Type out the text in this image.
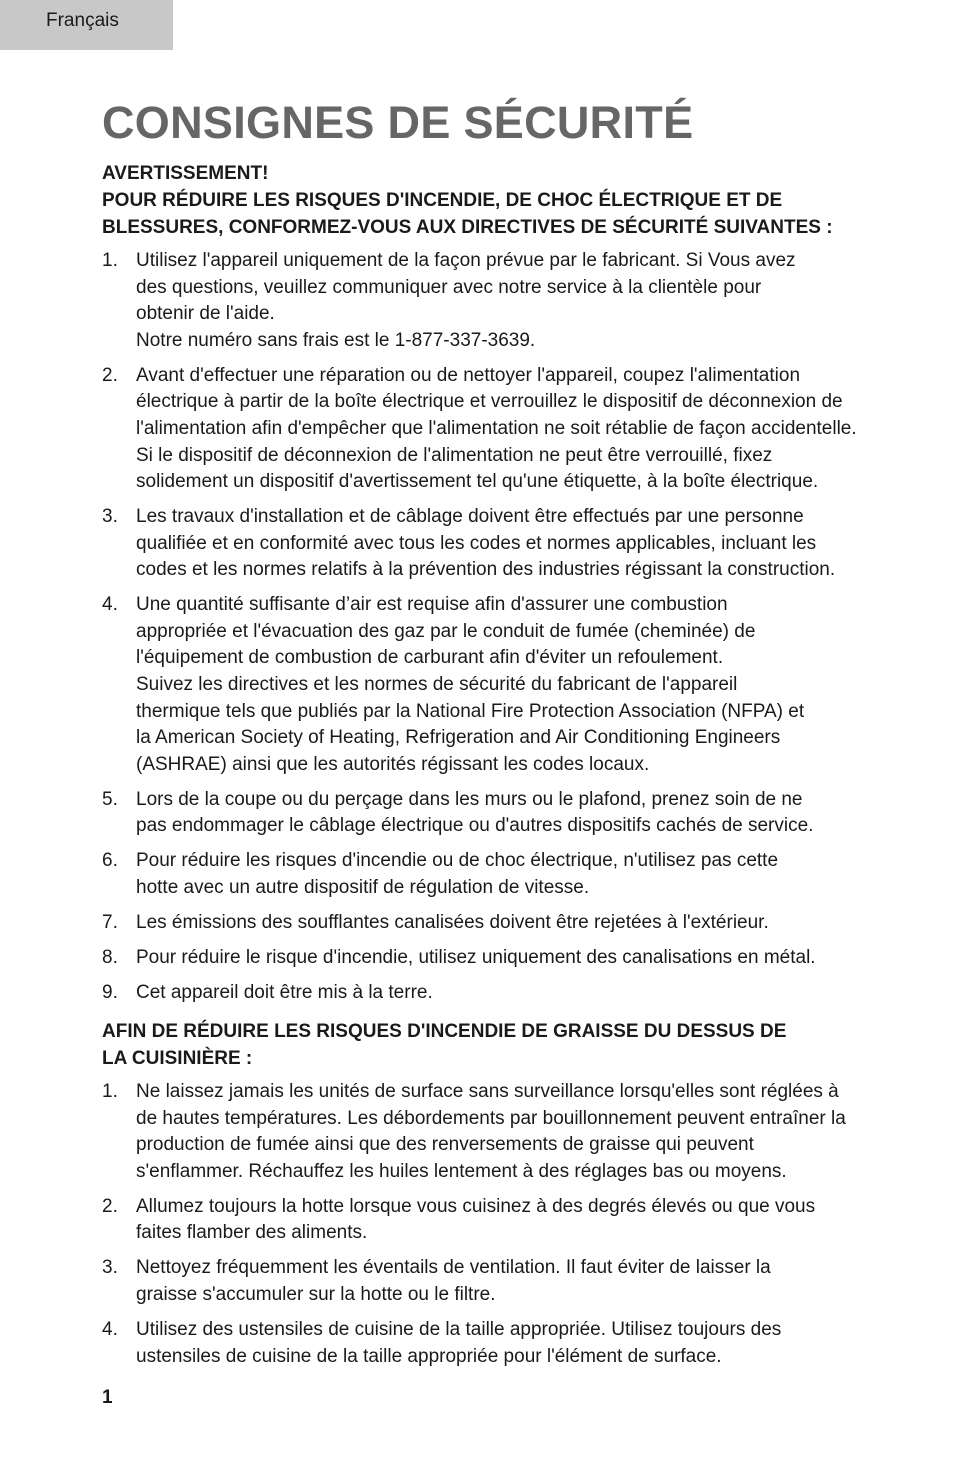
Français
CONSIGNES DE SÉCURITÉ
AVERTISSEMENT!
POUR RÉDUIRE LES RISQUES D'INCENDIE, DE CHOC ÉLECTRIQUE ET DE
BLESSURES, CONFORMEZ-VOUS AUX DIRECTIVES DE SÉCURITÉ SUIVANTES :
1. Utilisez l'appareil uniquement de la façon prévue par le fabricant. Si Vous avez
des questions, veuillez communiquer avec notre service à la clientèle pour
obtenir de l'aide.
Notre numéro sans frais est le 1-877-337-3639.
2. Avant d'effectuer une réparation ou de nettoyer l'appareil, coupez l'alimentation
électrique à partir de la boîte électrique et verrouillez le dispositif de déconnexion de
l'alimentation afin d'empêcher que l'alimentation ne soit rétablie de façon accidentelle.
Si le dispositif de déconnexion de l'alimentation ne peut être verrouillé, fixez
solidement un dispositif d'avertissement tel qu'une étiquette, à la boîte électrique.
3. Les travaux d'installation et de câblage doivent être effectués par une personne
qualifiée et en conformité avec tous les codes et normes applicables, incluant les
codes et les normes relatifs à la prévention des industries régissant la construction.
4. Une quantité suffisante d’air est requise afin d'assurer une combustion
appropriée et l'évacuation des gaz par le conduit de fumée (cheminée) de
l'équipement de combustion de carburant afin d'éviter un refoulement.
Suivez les directives et les normes de sécurité du fabricant de l'appareil
thermique tels que publiés par la National Fire Protection Association (NFPA) et
la American Society of Heating, Refrigeration and Air Conditioning Engineers
(ASHRAE) ainsi que les autorités régissant les codes locaux.
5. Lors de la coupe ou du perçage dans les murs ou le plafond, prenez soin de ne
pas endommager le câblage électrique ou d'autres dispositifs cachés de service.
6. Pour réduire les risques d'incendie ou de choc électrique, n'utilisez pas cette
hotte avec un autre dispositif de régulation de vitesse.
7. Les émissions des soufflantes canalisées doivent être rejetées à l'extérieur.
8. Pour réduire le risque d'incendie, utilisez uniquement des canalisations en métal.
9. Cet appareil doit être mis à la terre.
AFIN DE RÉDUIRE LES RISQUES D'INCENDIE DE GRAISSE DU DESSUS DE
LA CUISINIÈRE :
1. Ne laissez jamais les unités de surface sans surveillance lorsqu'elles sont réglées à
de hautes températures. Les débordements par bouillonnement peuvent entraîner la
production de fumée ainsi que des renversements de graisse qui peuvent
s'enflammer. Réchauffez les huiles lentement à des réglages bas ou moyens.
2. Allumez toujours la hotte lorsque vous cuisinez à des degrés élevés ou que vous
faites flamber des aliments.
3. Nettoyez fréquemment les éventails de ventilation. Il faut éviter de laisser la
graisse s'accumuler sur la hotte ou le filtre.
4. Utilisez des ustensiles de cuisine de la taille appropriée. Utilisez toujours des
ustensiles de cuisine de la taille appropriée pour l'élément de surface.
1
